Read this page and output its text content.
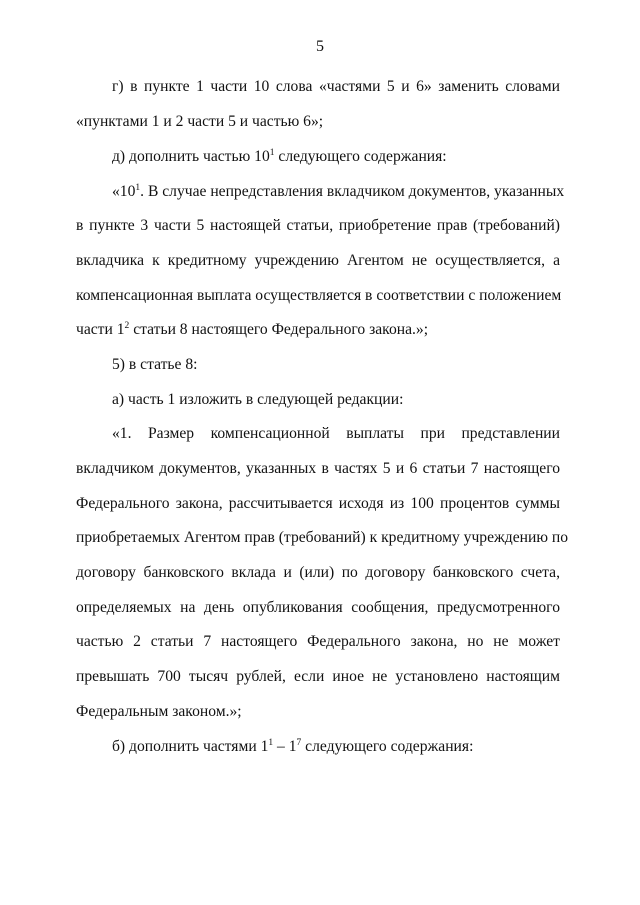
5
г) в пункте 1 части 10 слова «частями 5 и 6» заменить словами
«пунктами 1 и 2 части 5 и частью 6»;
д) дополнить частью $10^1$ следующего содержания:
«$10^1$. В случае непредставления вкладчиком документов, указанных
в пункте 3 части 5 настоящей статьи, приобретение прав (требований)
вкладчика к кредитному учреждению Агентом не осуществляется, а
компенсационная выплата осуществляется в соответствии с положением
части $1^2$ статьи 8 настоящего Федерального закона.»;
5) в статье 8:
а) часть 1 изложить в следующей редакции:
«1. Размер компенсационной выплаты при представлении
вкладчиком документов, указанных в частях 5 и 6 статьи 7 настоящего
Федерального закона, рассчитывается исходя из 100 процентов суммы
приобретаемых Агентом прав (требований) к кредитному учреждению по
договору банковского вклада и (или) по договору банковского счета,
определяемых на день опубликования сообщения, предусмотренного
частью 2 статьи 7 настоящего Федерального закона, но не может
превышать 700 тысяч рублей, если иное не установлено настоящим
Федеральным законом.»;
б) дополнить частями $1^1 - 1^7$ следующего содержания:
